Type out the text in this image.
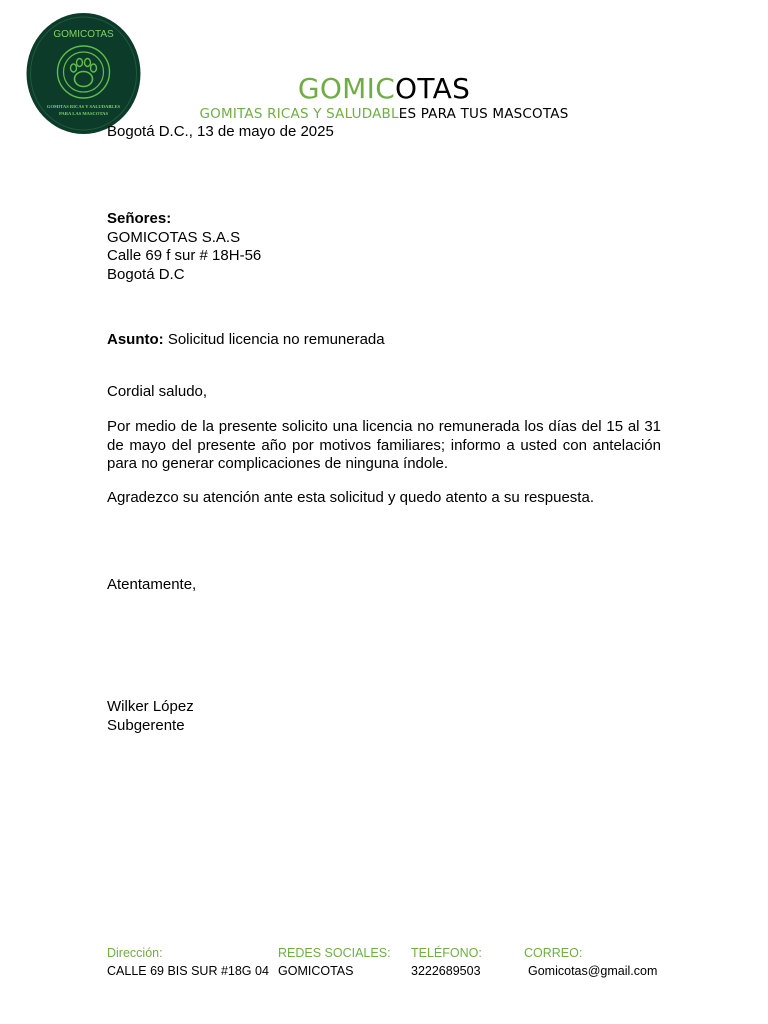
GOMICOTAS
GOMITAS RICAS Y SALUDABLES
PARA LAS MASCOTAS
GOMICOTAS
GOMITAS RICAS Y SALUDABLES PARA TUS MASCOTAS
Bogotá D.C., 13 de mayo de 2025

Señores:

GOMICOTAS S.A.S

Calle 69 f sur # 18H-56

Bogotá D.C

Asunto: Solicitud licencia no remunerada
Cordial saludo,
Por medio de la presente solicito una licencia no remunerada los días del 15 al 31 de mayo del presente año por motivos familiares; informo a usted con antelación para no generar complicaciones de ninguna índole.
Agradezco su atención ante esta solicitud y quedo atento a su respuesta.
Atentamente,

Wilker López

Subgerente

Dirección:
CALLE 69 BIS SUR #18G 04
REDES SOCIALES:
GOMICOTAS
TELÉFONO:
3222689503
CORREO:
Gomicotas@gmail.com
